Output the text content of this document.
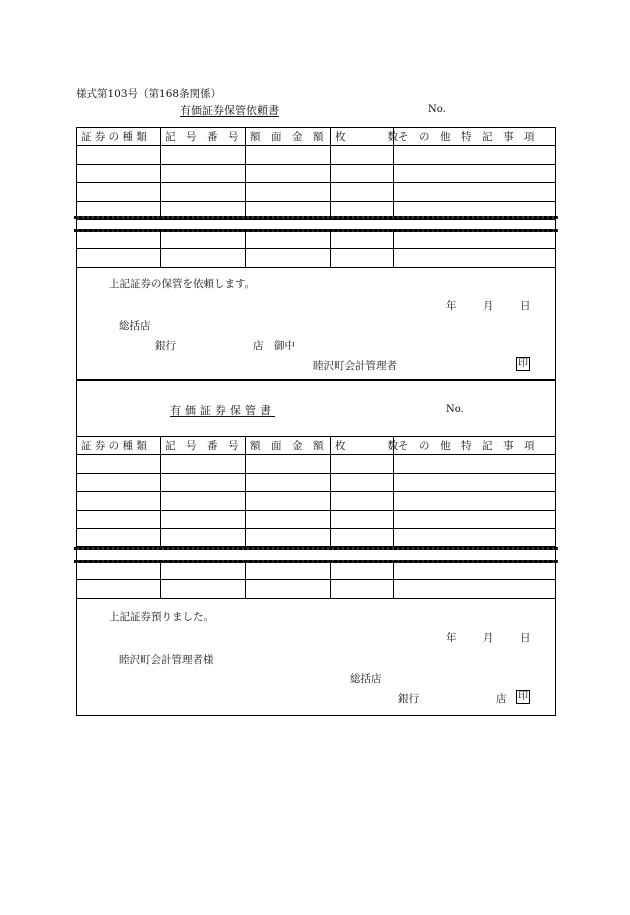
様式第103号（第168条関係）
有価証券保管依頼書	No.
証 券 の 種 類	記　号　番　号	額　面　金　額	枚　　　　数	そ　の　他　特　記　事　項

上記証券の保管を依頼します。
年	月	日
総括店
銀行	店　御中
睦沢町会計管理者	印
有価証券保管書	No.
証 券 の 種 類	記　号　番　号	額　面　金　額	枚　　　　数	そ　の　他　特　記　事　項

上記証券預りました。
年	月	日
睦沢町会計管理者様
総括店
銀行	店 印
